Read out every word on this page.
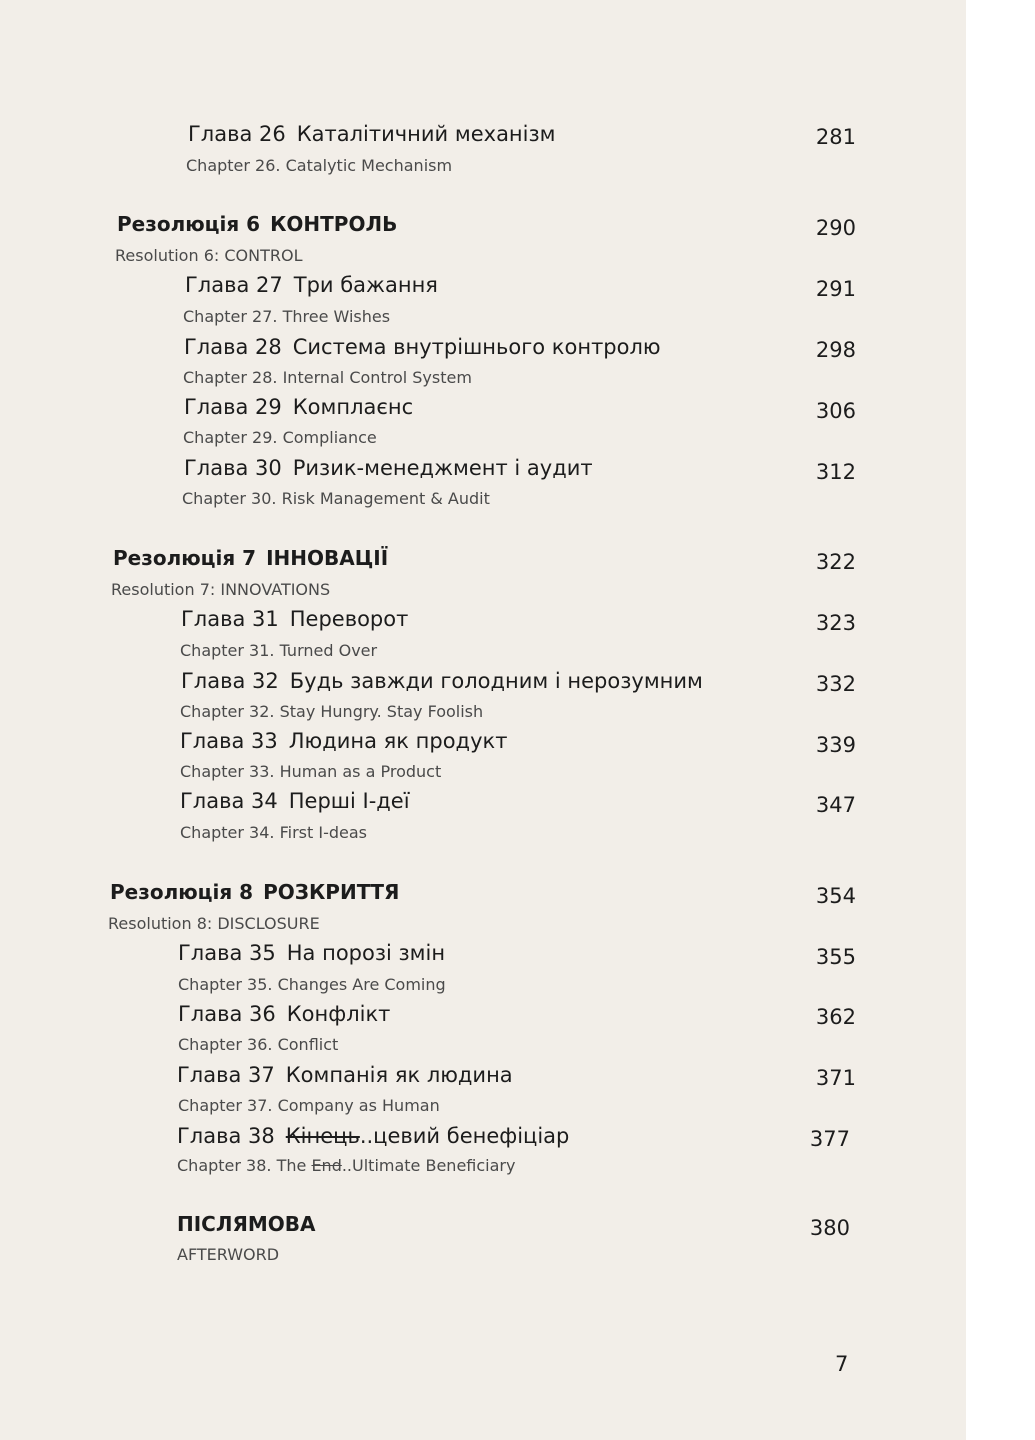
Глава 26 Каталітичний механізм
Chapter 26. Catalytic Mechanism
281
Резолюція 6 КОНТРОЛЬ
Resolution 6: CONTROL
290
Глава 27 Три бажання
Chapter 27. Three Wishes
291
Глава 28 Система внутрішнього контролю
Chapter 28. Internal Control System
298
Глава 29 Комплаєнс
Chapter 29. Compliance
306
Глава 30 Ризик-менеджмент і аудит
Chapter 30. Risk Management & Audit
312
Резолюція 7 ІННОВАЦІЇ
Resolution 7: INNOVATIONS
322
Глава 31 Переворот
Chapter 31. Turned Over
323
Глава 32 Будь завжди голодним і нерозумним
Chapter 32. Stay Hungry. Stay Foolish
332
Глава 33 Людина як продукт
Chapter 33. Human as a Product
339
Глава 34 Перші І-деї
Chapter 34. First I-deas
347
Резолюція 8 РОЗКРИТТЯ
Resolution 8: DISCLOSURE
354
Глава 35 На порозі змін
Chapter 35. Changes Are Coming
355
Глава 36 Конфлікт
Chapter 36. Conflict
362
Глава 37 Компанія як людина
Chapter 37. Company as Human
371
Глава 38 Кінець..цевий бенефіціар
Chapter 38. The End..Ultimate Beneficiary
377
ПІСЛЯМОВА
AFTERWORD
380
7
